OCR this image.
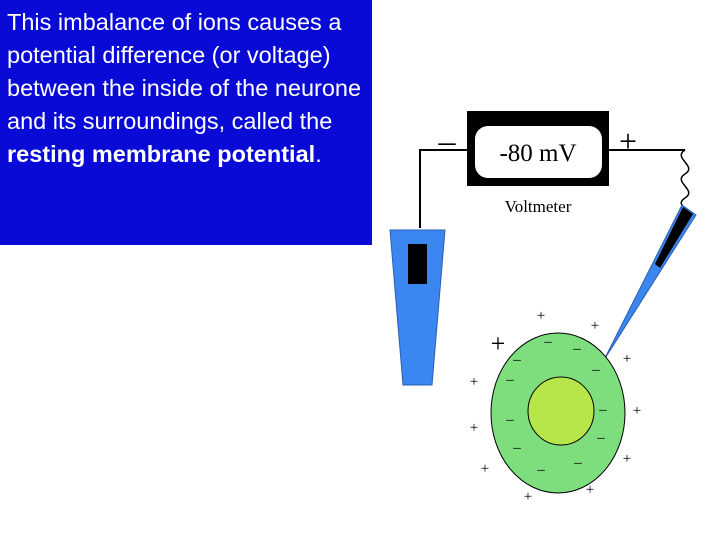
This imbalance of ions causes a potential difference (or voltage) between the inside of the neurone and its surroundings, called the resting membrane potential.	-80 mV
Voltmeter
–	+
+
+
+
+
+
+
+
+
+
+	+
– –
–
–
–
–
–
–
–
–
–
